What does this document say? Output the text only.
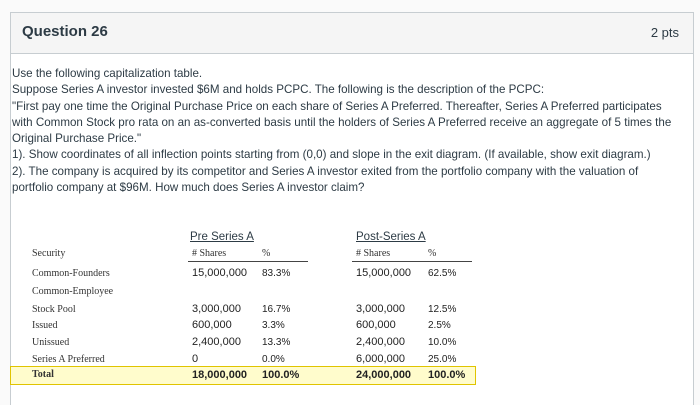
Question 26	2 pts

Use the following capitalization table.

Suppose Series A investor invested $6M and holds PCPC. The following is the description of the PCPC:

"First pay one time the Original Purchase Price on each share of Series A Preferred. Thereafter, Series A Preferred participates

with Common Stock pro rata on an as-converted basis until the holders of Series A Preferred receive an aggregate of 5 times the

Original Purchase Price."

1). Show coordinates of all inflection points starting from (0,0) and slope in the exit diagram. (If available, show exit diagram.)

2). The company is acquired by its competitor and Series A investor exited from the portfolio company with the valuation of

portfolio company at $96M. How much does Series A investor claim?

Pre Series A	Post-Series A
Security	# Shares	%	# Shares	%
Common-Founders	15,000,000 83.3%	15,000,000 62.5%
Common-Employee
Stock Pool	3,000,000 16.7%	3,000,000 12.5%
Issued	600,000	3.3%	600,000	2.5%
Unissued	2,400,000 13.3%	2,400,000 10.0%
Series A Preferred	0	0.0%	6,000,000 25.0%
Total	18,000,000 100.0%	24,000,000 100.0%
